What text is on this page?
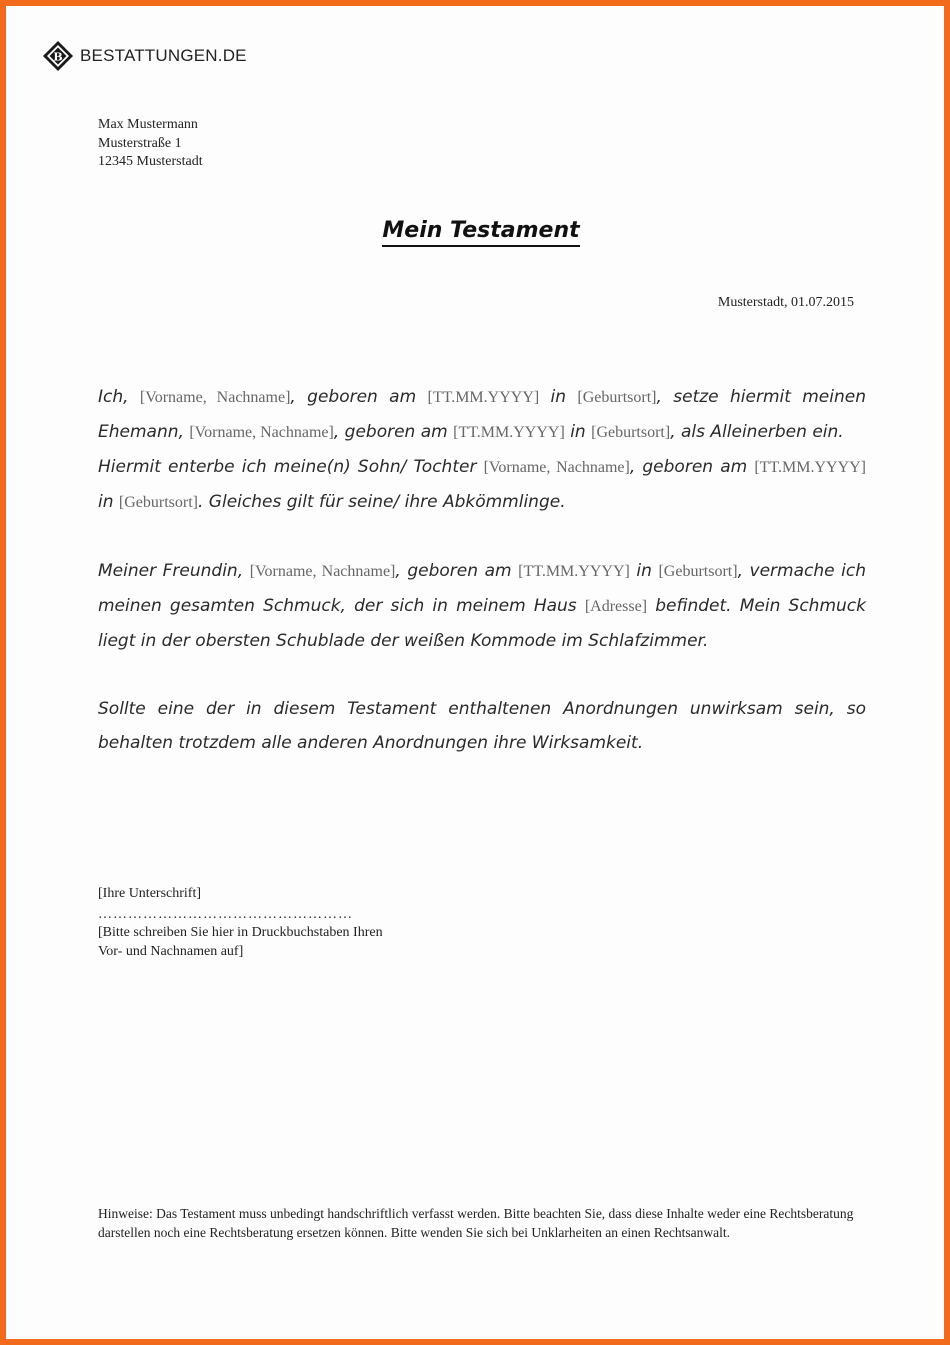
B BESTATTUNGEN.DE
Max Mustermann
Musterstraße 1
12345 Musterstadt
Mein Testament
Musterstadt, 01.07.2015

Ich, [Vorname, Nachname], geboren am [TT.MM.YYYY] in [Geburtsort], setze hiermit meinen Ehemann, [Vorname, Nachname], geboren am [TT.MM.YYYY] in [Geburtsort], als Alleinerben ein.

Hiermit enterbe ich meine(n) Sohn/ Tochter [Vorname, Nachname], geboren am [TT.MM.YYYY] in [Geburtsort]. Gleiches gilt für seine/ ihre Abkömmlinge.

Meiner Freundin, [Vorname, Nachname], geboren am [TT.MM.YYYY] in [Geburtsort], vermache ich meinen gesamten Schmuck, der sich in meinem Haus [Adresse] befindet. Mein Schmuck liegt in der obersten Schublade der weißen Kommode im Schlafzimmer.

Sollte eine der in diesem Testament enthaltenen Anordnungen unwirksam sein, so behalten trotzdem alle anderen Anordnungen ihre Wirksamkeit.

[Ihre Unterschrift]
……………………………………………
[Bitte schreiben Sie hier in Druckbuchstaben Ihren
Vor- und Nachnamen auf]
Hinweise: Das Testament muss unbedingt handschriftlich verfasst werden. Bitte beachten Sie, dass diese Inhalte weder eine Rechtsberatung darstellen noch eine Rechtsberatung ersetzen können. Bitte wenden Sie sich bei Unklarheiten an einen Rechtsanwalt.
